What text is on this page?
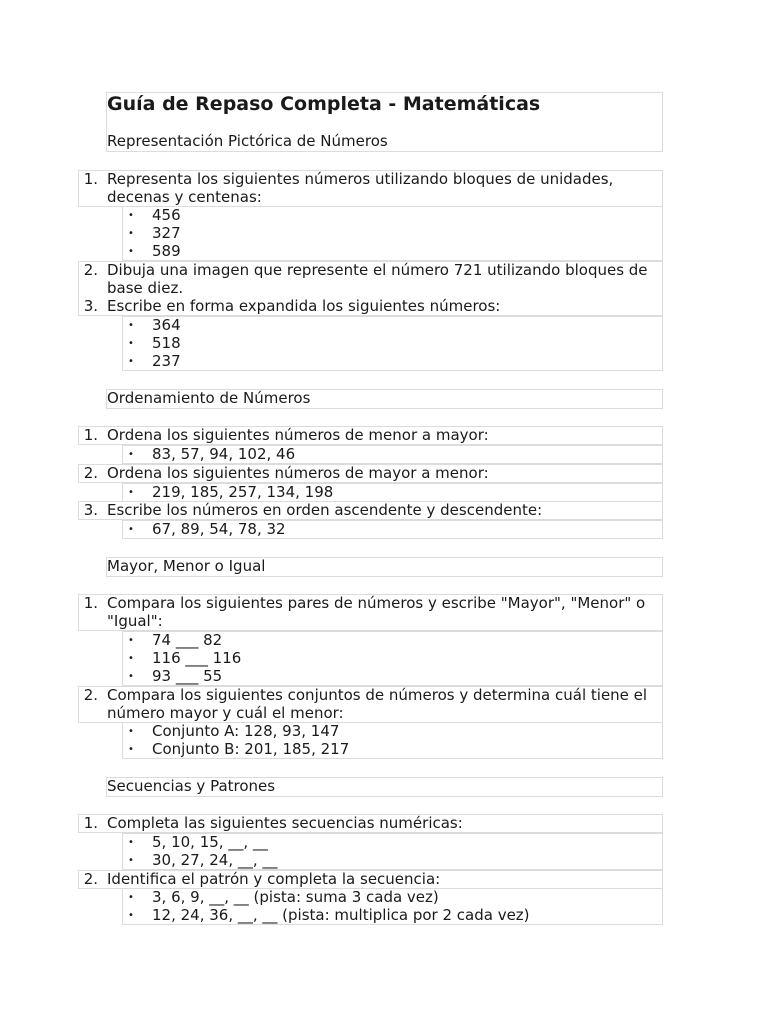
Guía de Repaso Completa - Matemáticas
Representación Pictórica de Números
1. Representa los siguientes números utilizando bloques de unidades,
decenas y centenas:
• 456
• 327
• 589
2. Dibuja una imagen que represente el número 721 utilizando bloques de
base diez.
3. Escribe en forma expandida los siguientes números:
• 364
• 518
• 237
Ordenamiento de Números
1. Ordena los siguientes números de menor a mayor:
• 83, 57, 94, 102, 46
2. Ordena los siguientes números de mayor a menor:
• 219, 185, 257, 134, 198
3. Escribe los números en orden ascendente y descendente:
• 67, 89, 54, 78, 32
Mayor, Menor o Igual
1. Compara los siguientes pares de números y escribe "Mayor", "Menor" o
"Igual":
• 74 ___ 82
• 116 ___ 116
• 93 ___ 55
2. Compara los siguientes conjuntos de números y determina cuál tiene el
número mayor y cuál el menor:
• Conjunto A: 128, 93, 147
• Conjunto B: 201, 185, 217
Secuencias y Patrones
1. Completa las siguientes secuencias numéricas:
• 5, 10, 15, __, __
• 30, 27, 24, __, __
2. Identifica el patrón y completa la secuencia:
• 3, 6, 9, __, __ (pista: suma 3 cada vez)
• 12, 24, 36, __, __ (pista: multiplica por 2 cada vez)
